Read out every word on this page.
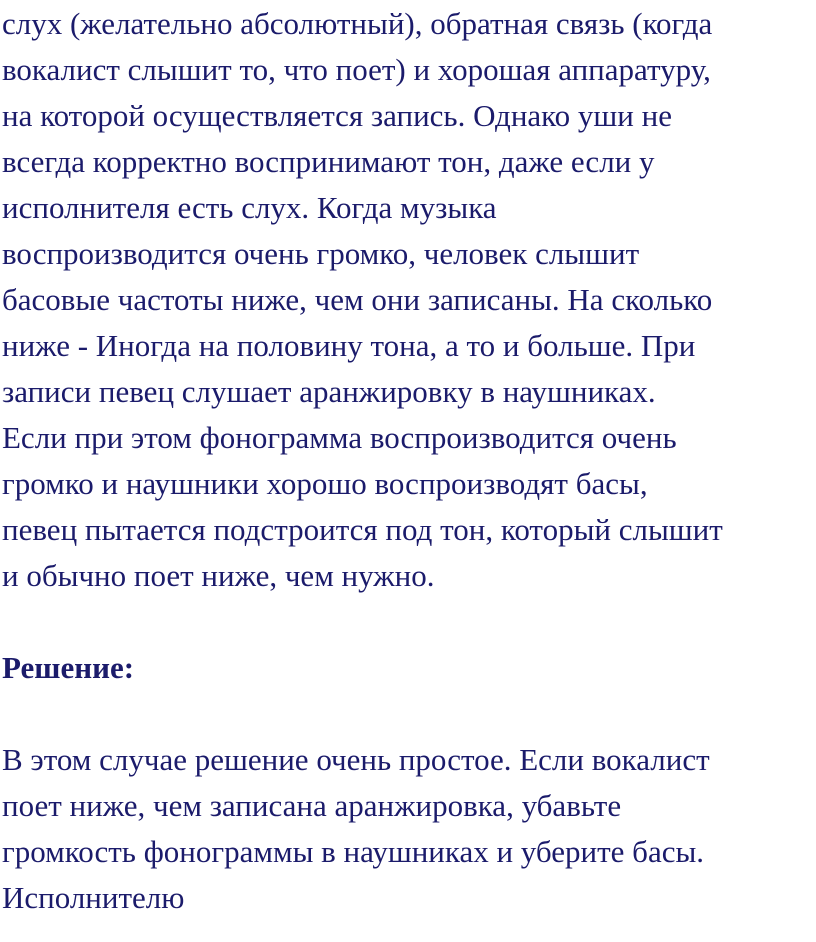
слух (желательно абсолютный), обратная связь (когда
вокалист слышит то, что поет) и хорошая аппаратуру,
на которой осуществляется запись. Однако уши не
всегда корректно воспринимают тон, даже если у
исполнителя есть слух. Когда музыка
воспроизводится очень громко, человек слышит
басовые частоты ниже, чем они записаны. На сколько
ниже - Иногда на половину тона, а то и больше. При
записи певец слушает аранжировку в наушниках.
Если при этом фонограмма воспроизводится очень
громко и наушники хорошо воспроизводят басы,
певец пытается подстроится под тон, который слышит
и обычно поет ниже, чем нужно.
Решение:
В этом случае решение очень простое. Если вокалист
поет ниже, чем записана аранжировка, убавьте
громкость фонограммы в наушниках и уберите басы.
Исполнителю
